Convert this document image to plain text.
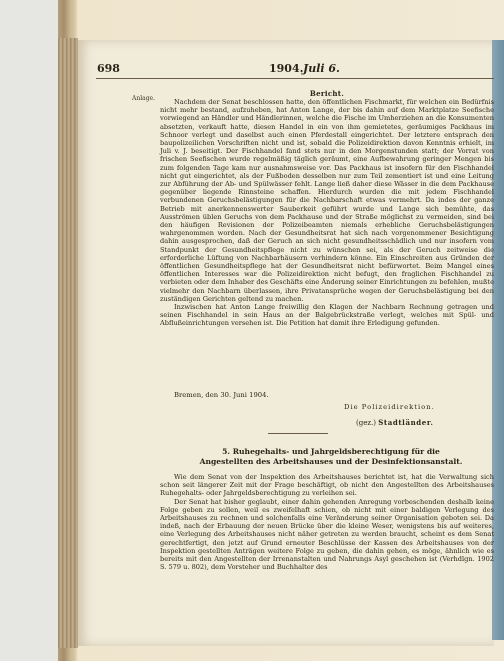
698	1904. Juli 6.
Anlage.
Bericht.

Nachdem der Senat beschlossen hatte, den öffentlichen Fischmarkt, für welchen ein Bedürfnis nicht mehr bestand, aufzuheben, hat Anton Lange, der bis dahin auf dem Marktplatze Seefische vorwiegend an Händler und Händlerinnen, welche die Fische im Umherziehen an die Konsumenten absetzten, verkauft hatte, diesen Handel in ein von ihm gemietetes, geräumiges Packhaus im Schnoor verlegt und daselbst auch einen Pferdestall eingerichtet. Der letztere entsprach den baupolizeilichen Vorschriften nicht und ist, sobald die Polizeidirektion davon Kenntnis erhielt, im Juli v. J. beseitigt. Der Fischhandel fand stets nur in den Morgenstunden statt; der Vorrat von frischen Seefischen wurde regelmäßig täglich geräumt, eine Aufbewahrung geringer Mengen bis zum folgenden Tage kam nur ausnahmsweise vor. Das Packhaus ist insofern für den Fischhandel nicht gut eingerichtet, als der Fußboden desselben nur zum Teil zementiert ist und eine Leitung zur Abführung der Ab- und Spülwässer fehlt. Lange ließ daher diese Wässer in die dem Packhause gegenüber liegende Rinnsteine schaffen. Hierdurch wurden die mit jedem Fischhandel verbundenen Geruchsbelästigungen für die Nachbarschaft etwas vermehrt. Da indes der ganze Betrieb mit anerkennenswerter Sauberkeit geführt wurde und Lange sich bemühte, das Ausströmen üblen Geruchs von dem Packhause und der Straße möglichst zu vermeiden, sind bei den häufigen Revisionen der Polizeibeamten niemals erhebliche Geruchsbelästigungen wahrgenommen worden. Nach der Gesundheitsrat hat sich nach vorgenommener Besichtigung dahin ausgesprochen, daß der Geruch an sich nicht gesundheitsschädlich und nur insofern vom Standpunkt der Gesundheitspflege nicht zu wünschen sei, als der Geruch zeitweise die erforderliche Lüftung von Nachbarhäusern verhindern könne. Ein Einschreiten aus Gründen der öffentlichen Gesundheitspflege hat der Gesundheitsrat nicht befürwortet. Beim Mangel eines öffentlichen Interesses war die Polizeidirektion nicht befugt, den fraglichen Fischhandel zu verbieten oder dem Inhaber des Geschäfts eine Änderung seiner Einrichtungen zu befehlen, mußte vielmehr den Nachbarn überlassen, ihre Privatansprüche wegen der Geruchsbelästigung bei den zuständigen Gerichten geltend zu machen.

Inzwischen hat Anton Lange freiwillig den Klagen der Nachbarn Rechnung getragen und seinen Fischhandel in sein Haus an der Balgebrückstraße verlegt, welches mit Spül- und Abflußeinrichtungen versehen ist. Die Petition hat damit ihre Erledigung gefunden.

Bremen, den 30. Juni 1904.
Die Polizeidirektion.
(gez.) Stadtländer.
5. Ruhegehalts- und Jahrgeldsberechtigung für die Angestellten des Arbeitshauses und der Desinfektionsanstalt.

Wie dem Senat von der Inspektion des Arbeitshauses berichtet ist, hat die Verwaltung sich schon seit längerer Zeit mit der Frage beschäftigt, ob nicht den Angestellten des Arbeitshauses Ruhegehalts- oder Jahrgeldsberechtigung zu verleihen sei.

Der Senat hat bisher geglaubt, einer dahin gehenden Anregung vorbeschenden deshalb keine Folge geben zu sollen, weil es zweifelhaft schien, ob nicht mit einer baldigen Verlegung des Arbeitshauses zu rechnen und solchenfalls eine Veränderung seiner Organisation geboten sei. Da indeß, nach der Erbauung der neuen Brücke über die kleine Weser, wenigstens bis auf weiteres, eine Verlegung des Arbeitshauses nicht näher getreten zu werden braucht, scheint es dem Senat gerechtfertigt, den jetzt auf Grund erneuter Beschlüsse der Kassen des Arbeitshauses von der Inspektion gestellten Anträgen weitere Folge zu geben, die dahin gehen, es möge, ähnlich wie es bereits mit den Angestellten der Irrenanstalten und Nahrungs Asyl geschehen ist (Verhdlgn. 1902 S. 579 u. 802), dem Vorsteher und Buchhalter des
